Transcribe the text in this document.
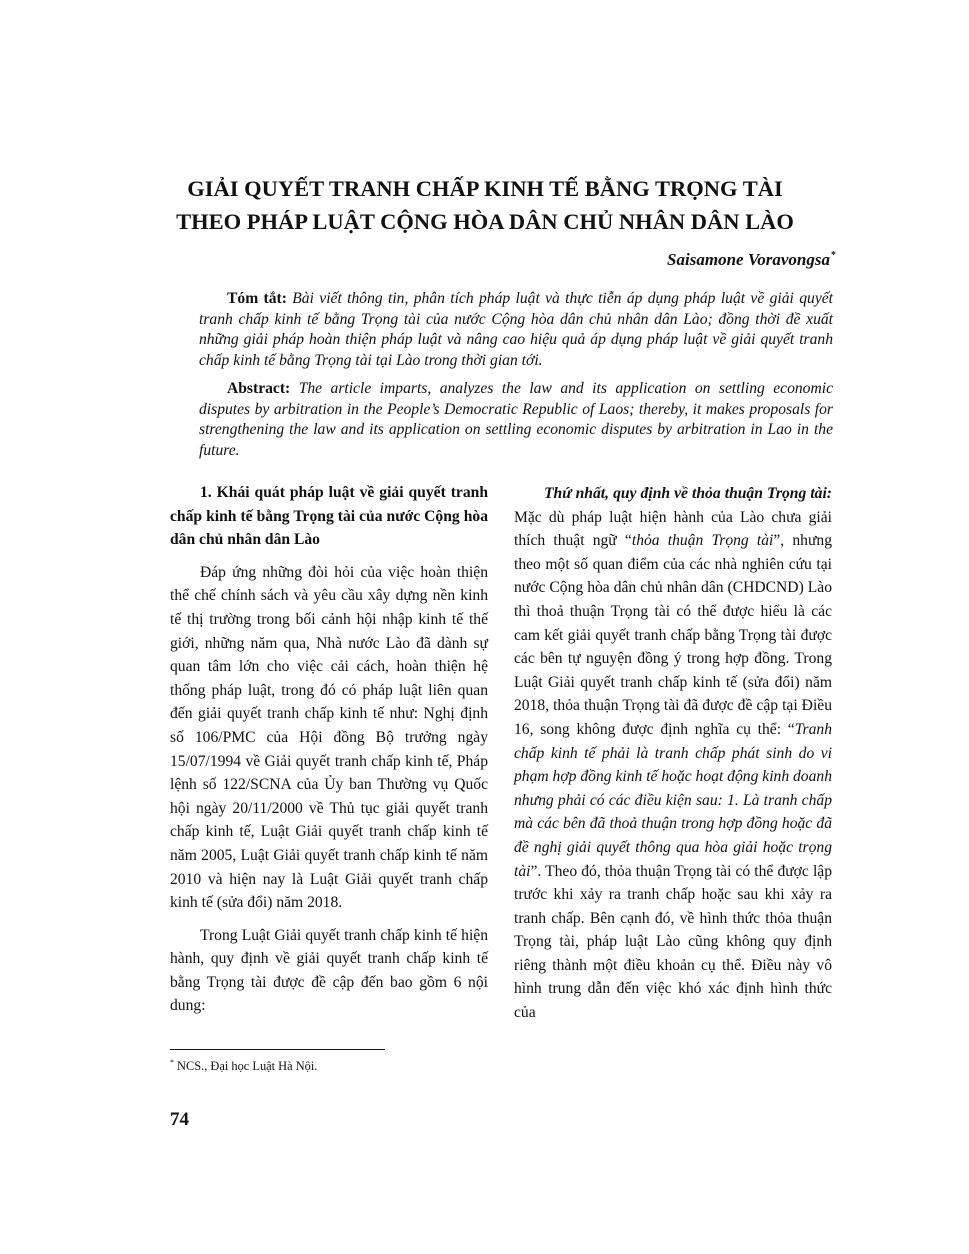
GIẢI QUYẾT TRANH CHẤP KINH TẾ BẰNG TRỌNG TÀI
THEO PHÁP LUẬT CỘNG HÒA DÂN CHỦ NHÂN DÂN LÀO
Saisamone Voravongsa*
Tóm tắt: Bài viết thông tin, phân tích pháp luật và thực tiễn áp dụng pháp luật về giải quyết tranh chấp kinh tế bằng Trọng tài của nước Cộng hòa dân chủ nhân dân Lào; đồng thời đề xuất những giải pháp hoàn thiện pháp luật và nâng cao hiệu quả áp dụng pháp luật về giải quyết tranh chấp kinh tế bằng Trọng tài tại Lào trong thời gian tới.
Abstract: The article imparts, analyzes the law and its application on settling economic disputes by arbitration in the People’s Democratic Republic of Laos; thereby, it makes proposals for strengthening the law and its application on settling economic disputes by arbitration in Lao in the future.

1. Khái quát pháp luật về giải quyết tranh chấp kinh tế bằng Trọng tài của nước Cộng hòa dân chủ nhân dân Lào

Đáp ứng những đòi hỏi của việc hoàn thiện thể chế chính sách và yêu cầu xây dựng nền kinh tế thị trường trong bối cảnh hội nhập kinh tế thế giới, những năm qua, Nhà nước Lào đã dành sự quan tâm lớn cho việc cải cách, hoàn thiện hệ thống pháp luật, trong đó có pháp luật liên quan đến giải quyết tranh chấp kinh tế như: Nghị định số 106/PMC của Hội đồng Bộ trưởng ngày 15/07/1994 về Giải quyết tranh chấp kinh tế, Pháp lệnh số 122/SCNA của Ủy ban Thường vụ Quốc hội ngày 20/11/2000 về Thủ tục giải quyết tranh chấp kinh tế, Luật Giải quyết tranh chấp kinh tế năm 2005, Luật Giải quyết tranh chấp kinh tế năm 2010 và hiện nay là Luật Giải quyết tranh chấp kinh tế (sửa đổi) năm 2018.

Trong Luật Giải quyết tranh chấp kinh tế hiện hành, quy định về giải quyết tranh chấp kinh tế bằng Trọng tài được đề cập đến bao gồm 6 nội dung:

Thứ nhất, quy định về thỏa thuận Trọng tài: Mặc dù pháp luật hiện hành của Lào chưa giải thích thuật ngữ “thỏa thuận Trọng tài”, nhưng theo một số quan điểm của các nhà nghiên cứu tại nước Cộng hòa dân chủ nhân dân (CHDCND) Lào thì thoả thuận Trọng tài có thể được hiểu là các cam kết giải quyết tranh chấp bằng Trọng tài được các bên tự nguyện đồng ý trong hợp đồng. Trong Luật Giải quyết tranh chấp kinh tế (sửa đổi) năm 2018, thỏa thuận Trọng tài đã được đề cập tại Điều 16, song không được định nghĩa cụ thể: “Tranh chấp kinh tế phải là tranh chấp phát sinh do vi phạm hợp đồng kinh tế hoặc hoạt động kinh doanh nhưng phải có các điều kiện sau: 1. Là tranh chấp mà các bên đã thoả thuận trong hợp đồng hoặc đã đề nghị giải quyết thông qua hòa giải hoặc trọng tài”. Theo đó, thỏa thuận Trọng tài có thể được lập trước khi xảy ra tranh chấp hoặc sau khi xảy ra tranh chấp. Bên cạnh đó, về hình thức thỏa thuận Trọng tài, pháp luật Lào cũng không quy định riêng thành một điều khoản cụ thể. Điều này vô hình trung dẫn đến việc khó xác định hình thức của

* NCS., Đại học Luật Hà Nội.
74
